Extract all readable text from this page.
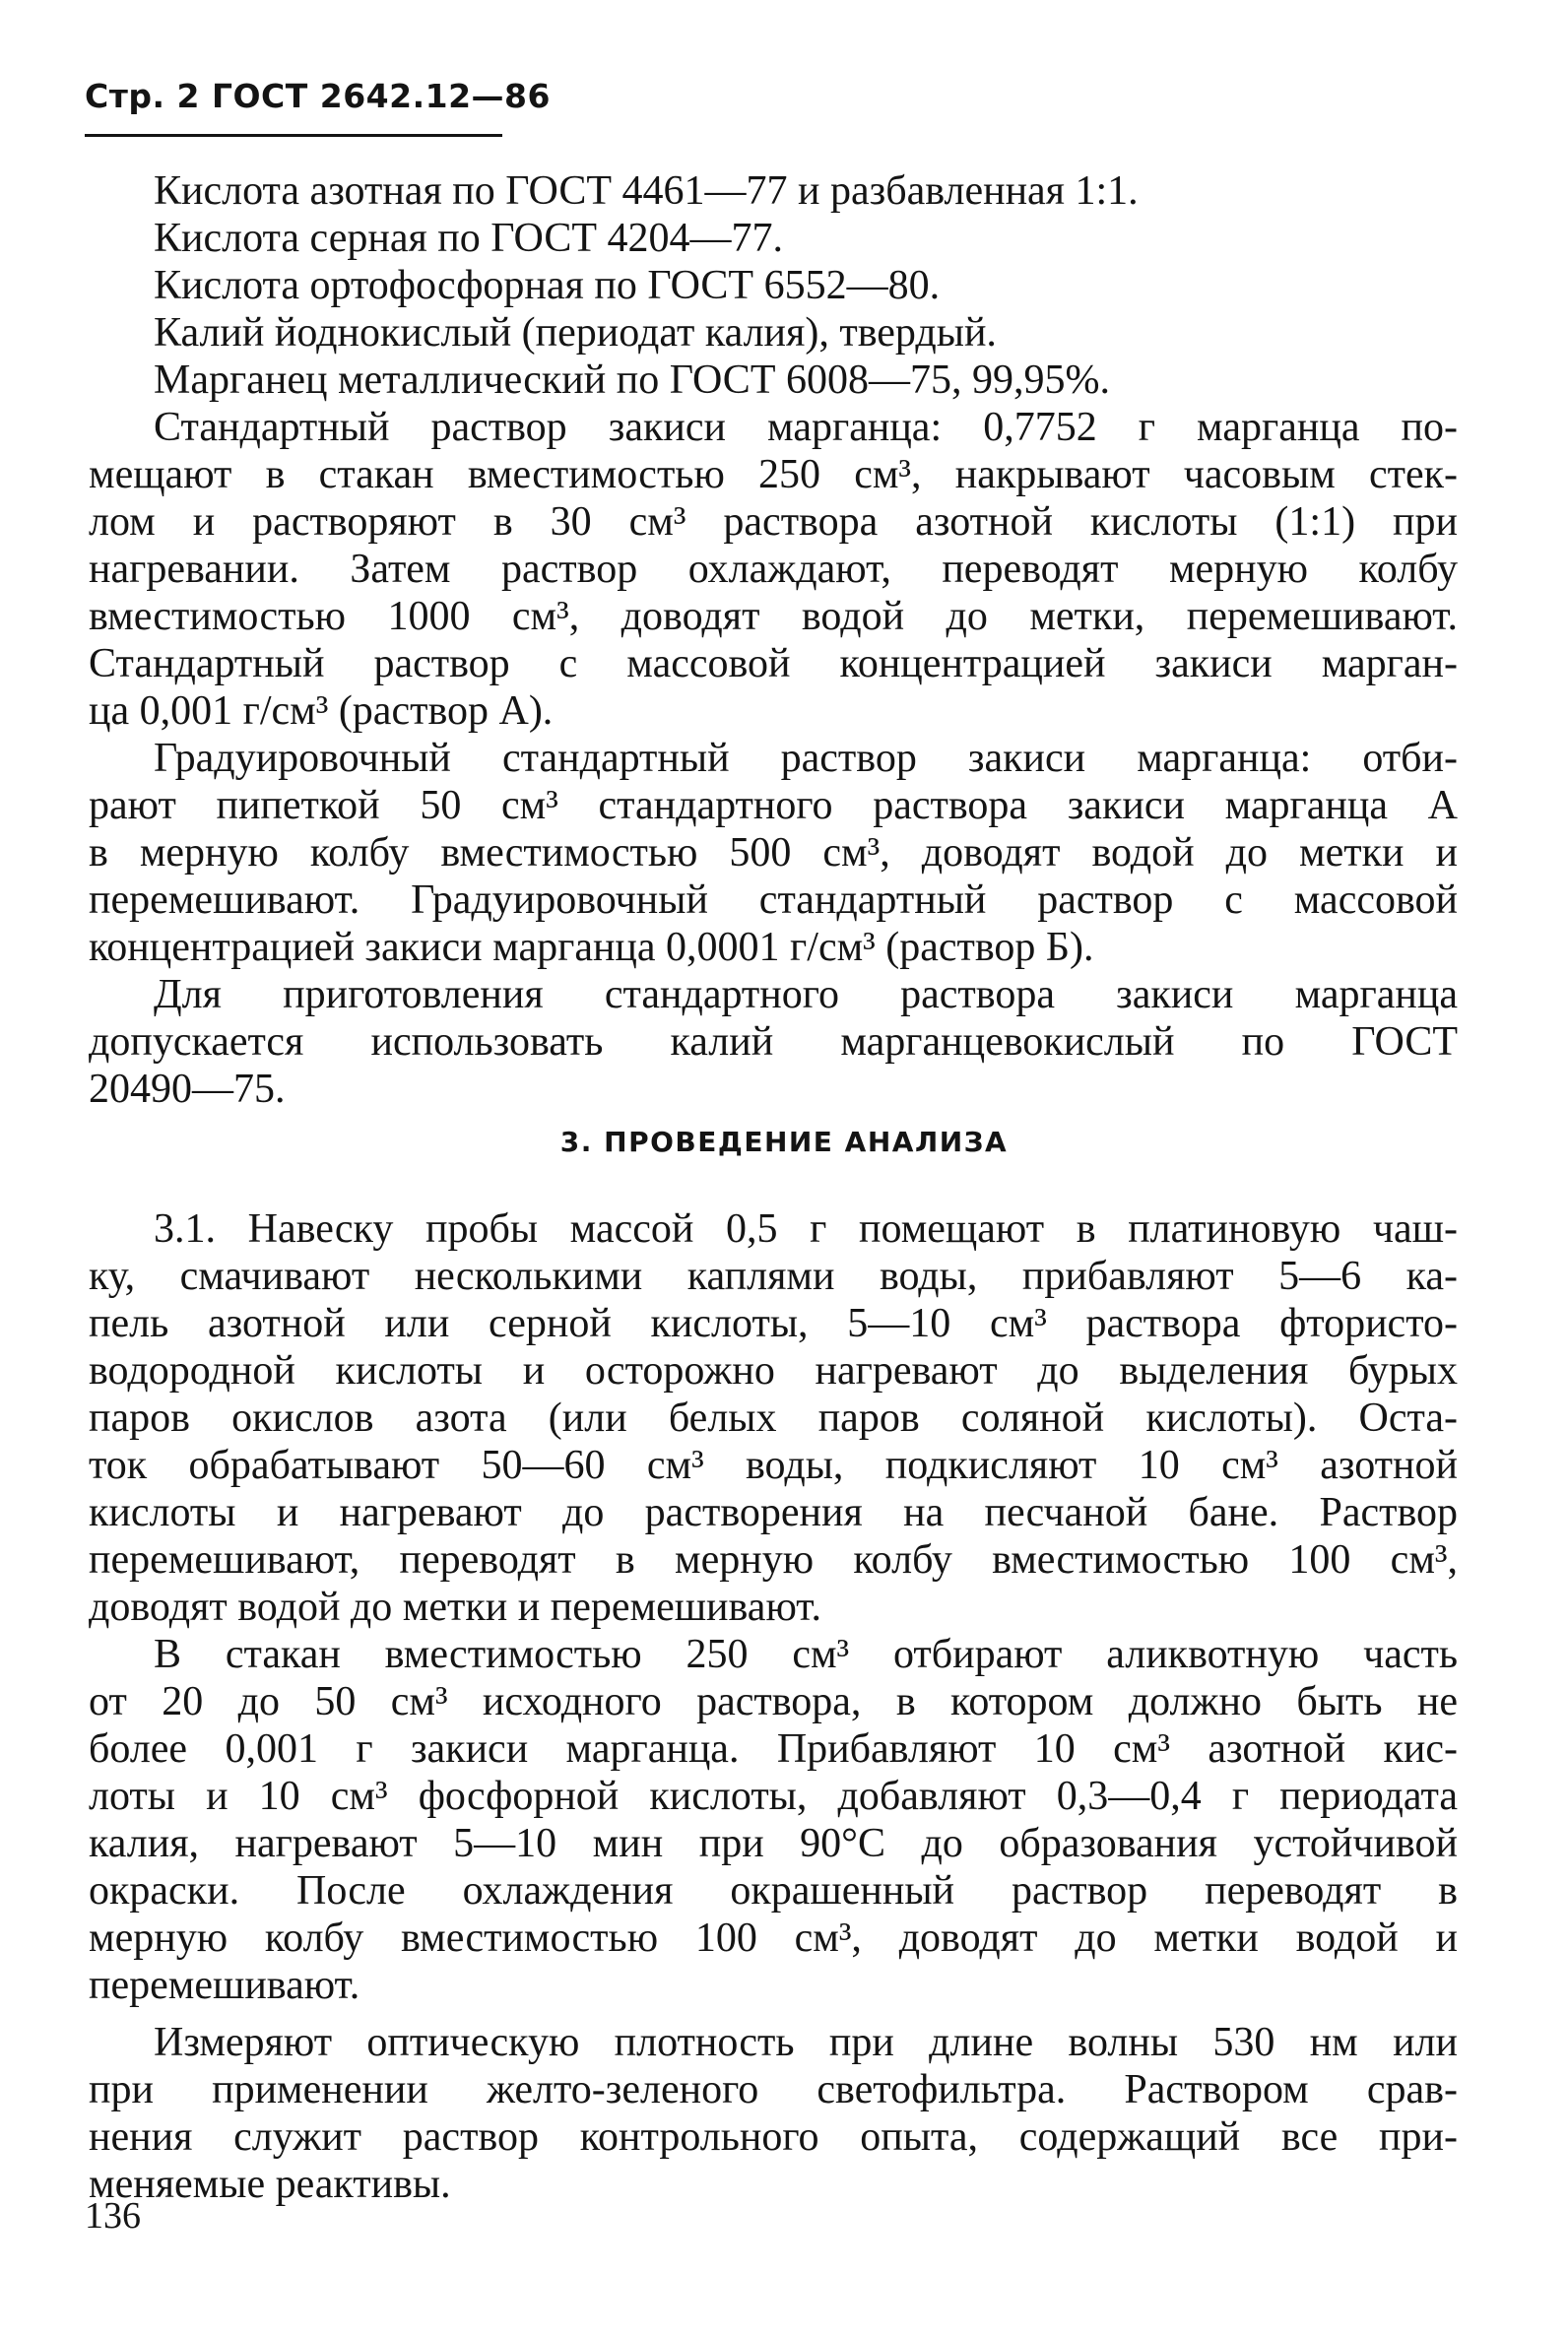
Стр. 2 ГОСТ 2642.12—86
Кислота азотная по ГОСТ 4461—77 и разбавленная 1:1.
Кислота серная по ГОСТ 4204—77.
Кислота ортофосфорная по ГОСТ 6552—80.
Калий йоднокислый (периодат калия), твердый.
Марганец металлический по ГОСТ 6008—75, 99,95%.
Стандартный раствор закиси марганца: 0,7752 г марганца по-
мещают в стакан вместимостью 250 см³, накрывают часовым стек-
лом и растворяют в 30 см³ раствора азотной кислоты (1:1) при
нагревании. Затем раствор охлаждают, переводят мерную колбу
вместимостью 1000 см³, доводят водой до метки, перемешивают.
Стандартный раствор с массовой концентрацией закиси марган-
ца 0,001 г/см³ (раствор А).
Градуировочный стандартный раствор закиси марганца: отби-
рают пипеткой 50 см³ стандартного раствора закиси марганца А
в мерную колбу вместимостью 500 см³, доводят водой до метки и
перемешивают. Градуировочный стандартный раствор с массовой
концентрацией закиси марганца 0,0001 г/см³ (раствор Б).
Для приготовления стандартного раствора закиси марганца
допускается использовать калий марганцевокислый по ГОСТ
20490—75.
3. ПРОВЕДЕНИЕ АНАЛИЗА
3.1. Навеску пробы массой 0,5 г помещают в платиновую чаш-
ку, смачивают несколькими каплями воды, прибавляют 5—6 ка-
пель азотной или серной кислоты, 5—10 см³ раствора фтористо-
водородной кислоты и осторожно нагревают до выделения бурых
паров окислов азота (или белых паров соляной кислоты). Оста-
ток обрабатывают 50—60 см³ воды, подкисляют 10 см³ азотной
кислоты и нагревают до растворения на песчаной бане. Раствор
перемешивают, переводят в мерную колбу вместимостью 100 см³,
доводят водой до метки и перемешивают.
В стакан вместимостью 250 см³ отбирают аликвотную часть
от 20 до 50 см³ исходного раствора, в котором должно быть не
более 0,001 г закиси марганца. Прибавляют 10 см³ азотной кис-
лоты и 10 см³ фосфорной кислоты, добавляют 0,3—0,4 г периодата
калия, нагревают 5—10 мин при 90°С до образования устойчивой
окраски. После охлаждения окрашенный раствор переводят в
мерную колбу вместимостью 100 см³, доводят до метки водой и
перемешивают.
Измеряют оптическую плотность при длине волны 530 нм или
при применении желто-зеленого светофильтра. Раствором срав-
нения служит раствор контрольного опыта, содержащий все при-
меняемые реактивы.
136
